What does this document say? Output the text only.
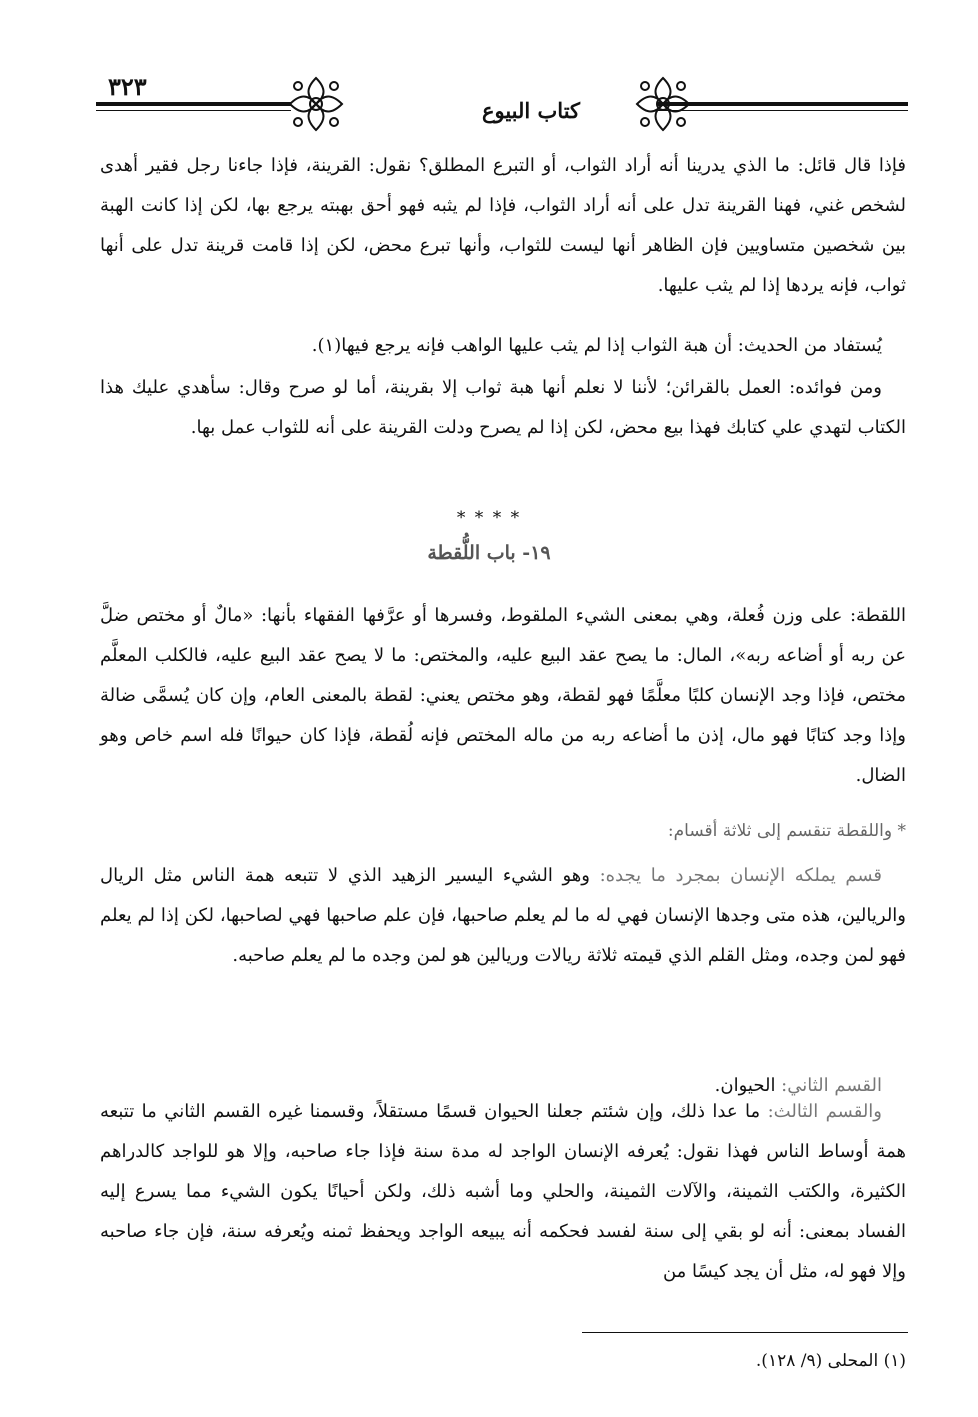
٣٢٣
كتاب البيوع

فإذا قال قائل: ما الذي يدرينا أنه أراد الثواب، أو التبرع المطلق؟ نقول: القرينة، فإذا جاءنا رجل فقير أهدى لشخص غني، فهنا القرينة تدل على أنه أراد الثواب، فإذا لم يثبه فهو أحق بهبته يرجع بها، لكن إذا كانت الهبة بين شخصين متساويين فإن الظاهر أنها ليست للثواب، وأنها تبرع محض، لكن إذا قامت قرينة تدل على أنها ثواب، فإنه يردها إذا لم يثب عليها.

يُستفاد من الحديث: أن هبة الثواب إذا لم يثب عليها الواهب فإنه يرجع فيها(١).

ومن فوائده: العمل بالقرائن؛ لأننا لا نعلم أنها هبة ثواب إلا بقرينة، أما لو صرح وقال: سأهدي عليك هذا الكتاب لتهدي علي كتابك فهذا بيع محض، لكن إذا لم يصرح ودلت القرينة على أنه للثواب عمل بها.

* * * *
١٩- باب اللُّقطة

اللقطة: على وزن فُعلة، وهي بمعنى الشيء الملقوط، وفسرها أو عرَّفها الفقهاء بأنها: «مالٌ أو مختص ضلَّ عن ربه أو أضاعه ربه»، المال: ما يصح عقد البيع عليه، والمختص: ما لا يصح عقد البيع عليه، فالكلب المعلَّم مختص، فإذا وجد الإنسان كلبًا معلَّمًا فهو لقطة، وهو مختص يعني: لقطة بالمعنى العام، وإن كان يُسمَّى ضالة وإذا وجد كتابًا فهو مال، إذن ما أضاعه ربه من ماله المختص فإنه لُقطة، فإذا كان حيوانًا فله اسم خاص وهو الضال.

* واللقطة تنقسم إلى ثلاثة أقسام:

قسم يملكه الإنسان بمجرد ما يجده: وهو الشيء اليسير الزهيد الذي لا تتبعه همة الناس مثل الريال والريالين، هذه متى وجدها الإنسان فهي له ما لم يعلم صاحبها، فإن علم صاحبها فهي لصاحبها، لكن إذا لم يعلم فهو لمن وجده، ومثل القلم الذي قيمته ثلاثة ريالات وريالين هو لمن وجده ما لم يعلم صاحبه.

القسم الثاني: الحيوان.

والقسم الثالث: ما عدا ذلك، وإن شئتم جعلنا الحيوان قسمًا مستقلاً، وقسمنا غيره القسم الثاني ما تتبعه همة أوساط الناس فهذا نقول: يُعرفه الإنسان الواجد له مدة سنة فإذا جاء صاحبه، وإلا هو للواجد كالدراهم الكثيرة، والكتب الثمينة، والآلات الثمينة، والحلي وما أشبه ذلك، ولكن أحيانًا يكون الشيء مما يسرع إليه الفساد بمعنى: أنه لو بقي إلى سنة لفسد فحكمه أنه يبيعه الواجد ويحفظ ثمنه ويُعرفه سنة، فإن جاء صاحبه وإلا فهو له، مثل أن يجد كيسًا من

(١) المحلى (٩/ ١٢٨).
